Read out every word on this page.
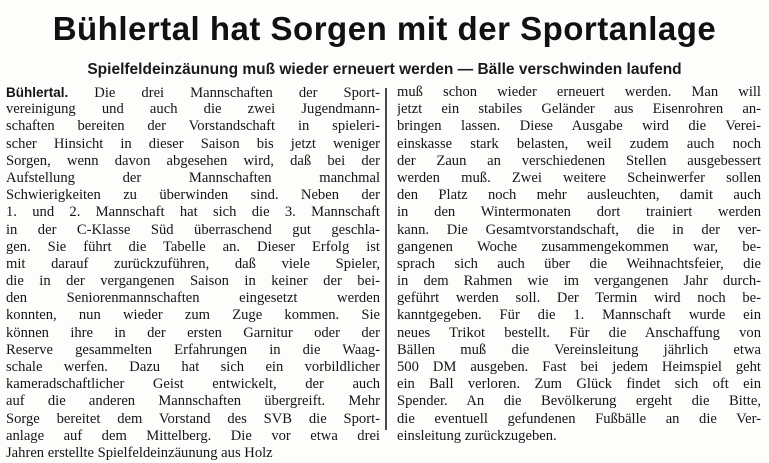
Bühlertal hat Sorgen mit der Sportanlage
Spielfeldeinzäunung muß wieder erneuert werden — Bälle verschwinden laufend
Bühlertal. Die drei Mannschaften der Sport-
vereinigung und auch die zwei Jugendmann-
schaften bereiten der Vorstandschaft in spieleri-
scher Hinsicht in dieser Saison bis jetzt weniger
Sorgen, wenn davon abgesehen wird, daß bei der
Aufstellung der Mannschaften manchmal
Schwierigkeiten zu überwinden sind. Neben der
1. und 2. Mannschaft hat sich die 3. Mannschaft
in der C-Klasse Süd überraschend gut geschla-
gen. Sie führt die Tabelle an. Dieser Erfolg ist
mit darauf zurückzuführen, daß viele Spieler,
die in der vergangenen Saison in keiner der bei-
den Seniorenmannschaften eingesetzt werden
konnten, nun wieder zum Zuge kommen. Sie
können ihre in der ersten Garnitur oder der
Reserve gesammelten Erfahrungen in die Waag-
schale werfen. Dazu hat sich ein vorbildlicher
kameradschaftlicher Geist entwickelt, der auch
auf die anderen Mannschaften übergreift. Mehr
Sorge bereitet dem Vorstand des SVB die Sport-
anlage auf dem Mittelberg. Die vor etwa drei
Jahren erstellte Spielfeldeinzäunung aus Holz
muß schon wieder erneuert werden. Man will
jetzt ein stabiles Geländer aus Eisenrohren an-
bringen lassen. Diese Ausgabe wird die Verei-
einskasse stark belasten, weil zudem auch noch
der Zaun an verschiedenen Stellen ausgebessert
werden muß. Zwei weitere Scheinwerfer sollen
den Platz noch mehr ausleuchten, damit auch
in den Wintermonaten dort trainiert werden
kann. Die Gesamtvorstandschaft, die in der ver-
gangenen Woche zusammengekommen war, be-
sprach sich auch über die Weihnachtsfeier, die
in dem Rahmen wie im vergangenen Jahr durch-
geführt werden soll. Der Termin wird noch be-
kanntgegeben. Für die 1. Mannschaft wurde ein
neues Trikot bestellt. Für die Anschaffung von
Bällen muß die Vereinsleitung jährlich etwa
500 DM ausgeben. Fast bei jedem Heimspiel geht
ein Ball verloren. Zum Glück findet sich oft ein
Spender. An die Bevölkerung ergeht die Bitte,
die eventuell gefundenen Fußbälle an die Ver-
einsleitung zurückzugeben.
